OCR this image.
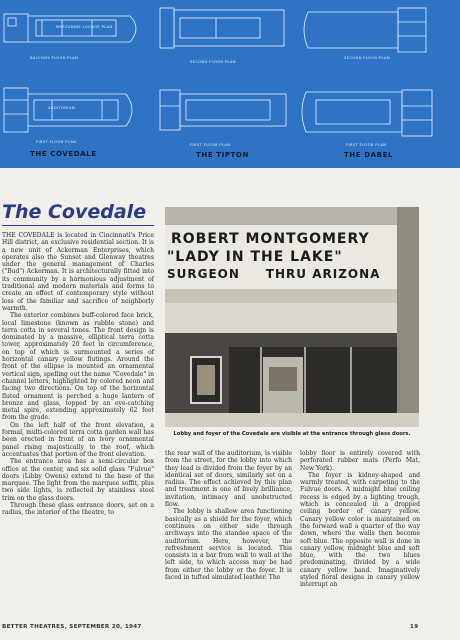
MEZZANINE LOUNGE PLAN
BALCONY FLOOR PLAN
AUDITORIUM
FIRST FLOOR PLAN
THE COVEDALE
SECOND FLOOR PLAN
FIRST FLOOR PLAN
THE TIPTON
SECOND FLOOR PLAN
FIRST FLOOR PLAN
THE DABEL
The Covedale

THE COVEDALE is located in Cincinnati's Price Hill district, an exclusive residential section. It is a new unit of Ackerman Enterprises, which operates also the Sunset and Glenway theatres under the general management of Charles ("Bud") Ackerman. It is architecturally fitted into its community by a harmonious adjustment of traditional and modern materials and forms to create an effect of contemporary style without loss of the familiar and sacrifice of neighborly warmth.

The exterior combines buff-colored face brick, local limestone (known as rubble stone) and terra cotta in several tones. The front design is dominated by a massive, elliptical terra cotta tower, approximately 20 feet in circumference, on top of which is surmounted a series of horizontal canary yellow flutings. Around the front of the ellipse is mounted an ornamental vertical sign, spelling out the name "Covedale" in channel letters, highlighted by colored neon and facing two directions. On top of the horizontal fluted ornament is perched a huge lantern of bronze and glass, topped by an eye-catching metal spire, extending approximately 62 feet from the grade.

On the left half of the front elevation, a formal, multi-colored terra cotta garden wall has been erected in front of an ivory ornamental panel rising majestically to the roof, which accentuates that portion of the front elevation.

The entrance area has a semi-circular box office at the center, and six solid glass "Fulvue" doors (Libby Owens) extend to the base of the marquee. The light from the marquee soffit, plus two side lights, is reflected by stainless steel trim on the glass doors.

Through these glass entrance doors, set on a radius, the interior of the theatre, to

ROBERT MONTGOMERY
"LADY IN THE LAKE"
SURGEON     THRU ARIZONA
Lobby and foyer of the Covedale are visible at the entrance through glass doors.

the rear wall of the auditorium, is visible from the street, for the lobby into which they lead is divided from the foyer by an identical set of doors, similarly set on a radius. The effect achieved by this plan and treatment is one of lively brilliance, invitation, intimacy and unobstructed flow.

The lobby is shallow area functioning basically as a shield for the foyer, which continues on either side through archways into the standee space of the auditorium. Here, however, the refreshment service is located. This consists in a bar from wall to wall at the left side, to which access may be had from either the lobby or the foyer. It is faced in tufted simulated leather. The

lobby floor is entirely covered with perforated rubber mats (Perfo Mat, New York).

The foyer is kidney-shaped and warmly treated, with carpeting to the Fulvue doors. A midnight blue ceiling recess is edged by a lighting trough, which is concealed in a dropped ceiling border of canary yellow. Canary yellow color is maintained on the forward wall a quarter of the way down, where the walls then become soft blue. The opposite wall is done in canary yellow, midnight blue and soft blue, with the two blues predominating, divided by a wide canary yellow band. Imaginatively styled floral designs in canary yellow interrupt an

BETTER THEATRES, SEPTEMBER 20, 1947	19
